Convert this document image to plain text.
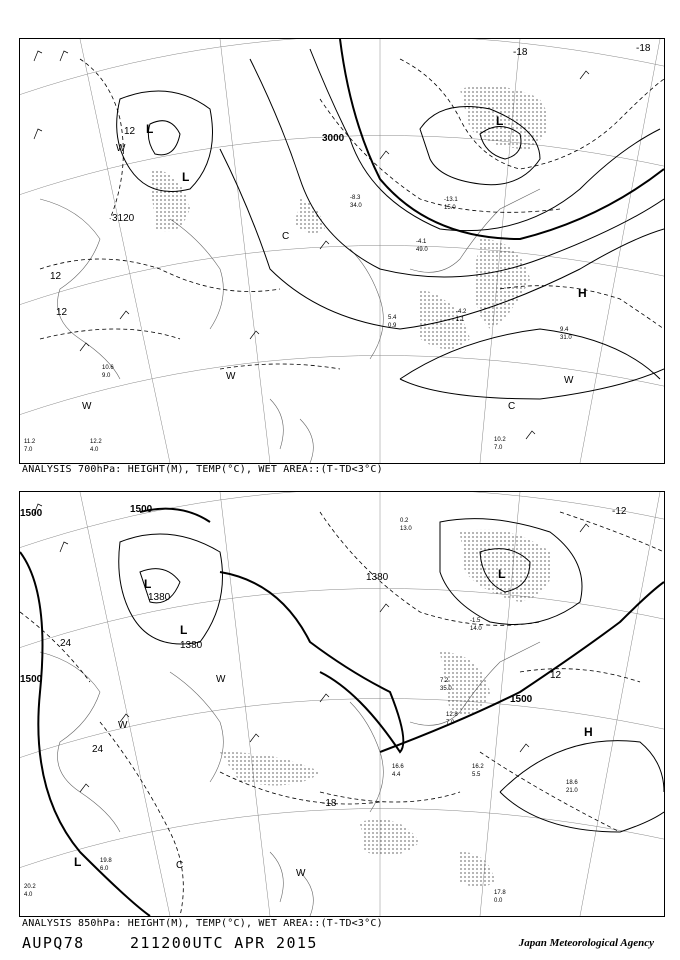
3000
3120
12
12
12
-18	-18
L
L
L
H
C
C
W
W
W
W
9.4
31.0
10.2
7.0
5.4
0.9
-4.2
1.1
10.6
9.0
12.2
4.0
11.2
7.0
-13.1
15.0
-8.3
34.0
-4.1
49.0
ANALYSIS 700hPa: HEIGHT(M), TEMP(°C), WET AREA::(T-TD<3°C)
1500	1500
1500
1500
1380
1380
1380
24
24
12
-12
-18
L
L
L
L
H
C
W
W
W
16.2
5.5
18.6
21.0
17.8
0.0
16.6
4.4
19.8
6.0
20.2
4.0
12.8
7.0
7.2
35.0
0.2
13.0
-1.5
14.0
ANALYSIS 850hPa: HEIGHT(M), TEMP(°C), WET AREA::(T-TD<3°C)
AUPQ78	211200UTC APR 2015	Japan Meteorological Agency
